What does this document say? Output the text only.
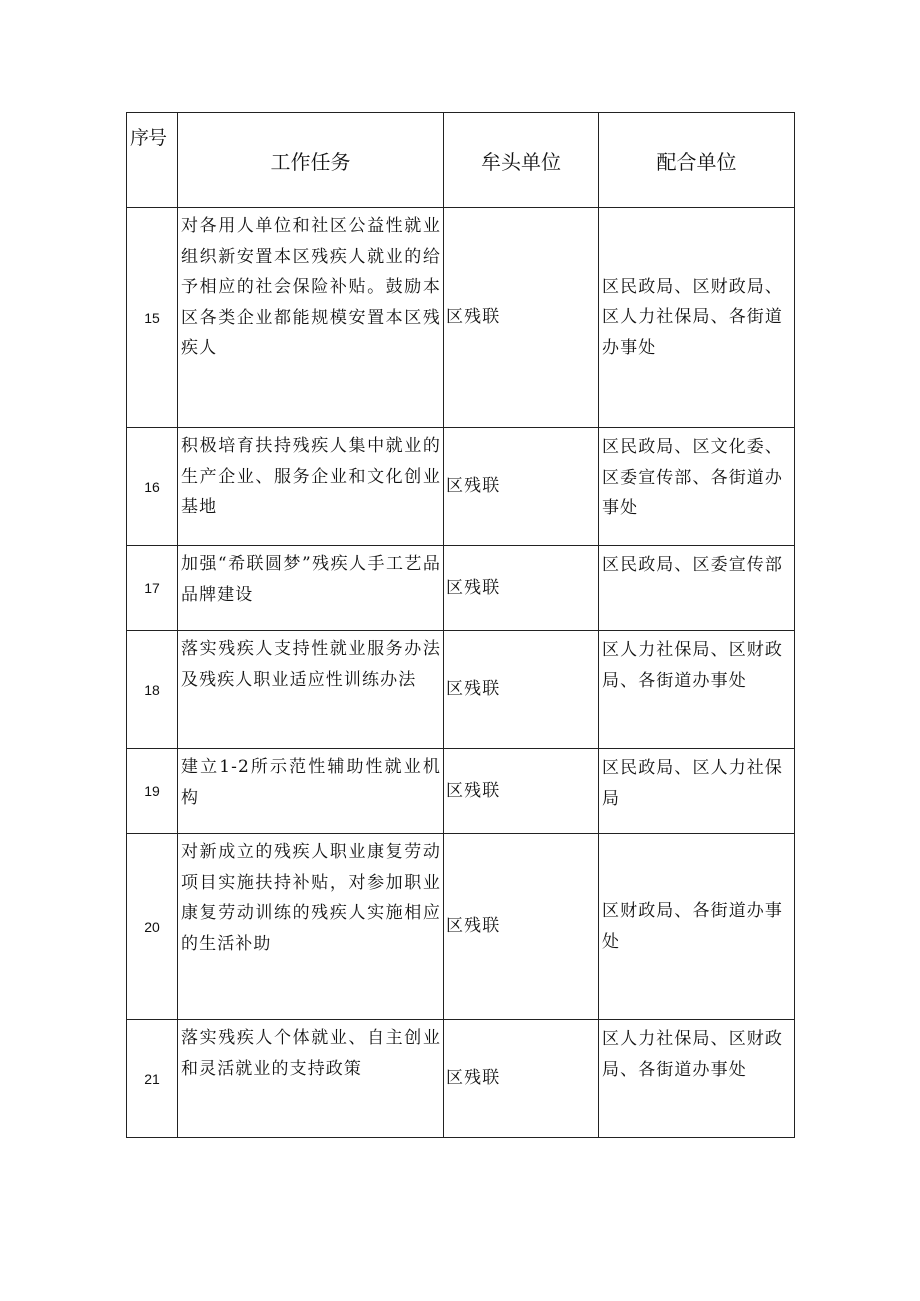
序号	工作任务	牟头单位	配合单位
15	对各用人单位和社区公益性就业组织新安置本区残疾人就业的给予相应的社会保险补贴。鼓励本区各类企业都能规模安置本区残疾人	区残联	区民政局、区财政局、区人力社保局、各街道办事处
16	积极培育扶持残疾人集中就业的生产企业、服务企业和文化创业基地	区残联	区民政局、区文化委、区委宣传部、各街道办事处
17	加强“希联圆梦”残疾人手工艺品品牌建设	区残联	区民政局、区委宣传部
18	落实残疾人支持性就业服务办法及残疾人职业适应性训练办法	区残联	区人力社保局、区财政局、各街道办事处
19	建立1-2所示范性辅助性就业机构	区残联	区民政局、区人力社保局
20	对新成立的残疾人职业康复劳动项目实施扶持补贴，对参加职业康复劳动训练的残疾人实施相应的生活补助	区残联	区财政局、各街道办事处
21	落实残疾人个体就业、自主创业和灵活就业的支持政策	区残联	区人力社保局、区财政局、各街道办事处
